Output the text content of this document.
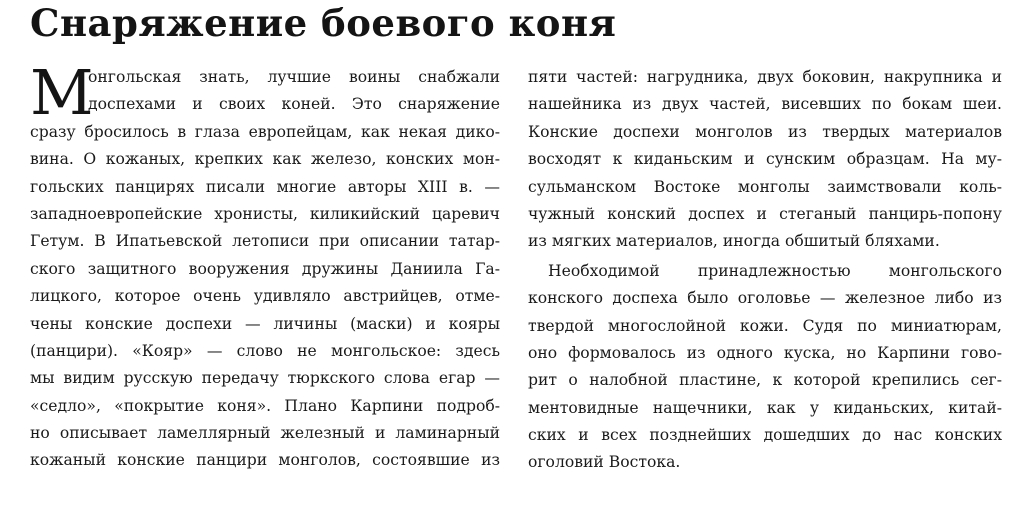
Снаряжение боевого коня
М
онгольская знать, лучшие воины снабжали
доспехами и своих коней. Это снаряжение
сразу бросилось в глаза европейцам, как некая дико-
вина. О кожаных, крепких как железо, конских мон-
гольских панцирях писали многие авторы XIII в. —
западноевропейские хронисты, киликийский царевич
Гетум. В Ипатьевской летописи при описании татар-
ского защитного вооружения дружины Даниила Га-
лицкого, которое очень удивляло австрийцев, отме-
чены конские доспехи — личины (маски) и кояры
(панцири). «Кояр» — слово не монгольское: здесь
мы видим русскую передачу тюркского слова егар —
«седло», «покрытие коня». Плано Карпини подроб-
но описывает ламеллярный железный и ламинарный
кожаный конские панцири монголов, состоявшие из
пяти частей: нагрудника, двух боковин, накрупника и
нашейника из двух частей, висевших по бокам шеи.
Конские доспехи монголов из твердых материалов
восходят к киданьским и сунским образцам. На му-
сульманском Востоке монголы заимствовали коль-
чужный конский доспех и стеганый панцирь-попону
из мягких материалов, иногда обшитый бляхами.
Необходимой принадлежностью монгольского
конского доспеха было оголовье — железное либо из
твердой многослойной кожи. Судя по миниатюрам,
оно формовалось из одного куска, но Карпини гово-
рит о налобной пластине, к которой крепились сег-
ментовидные нащечники, как у киданьских, китай-
ских и всех позднейших дошедших до нас конских
оголовий Востока.
